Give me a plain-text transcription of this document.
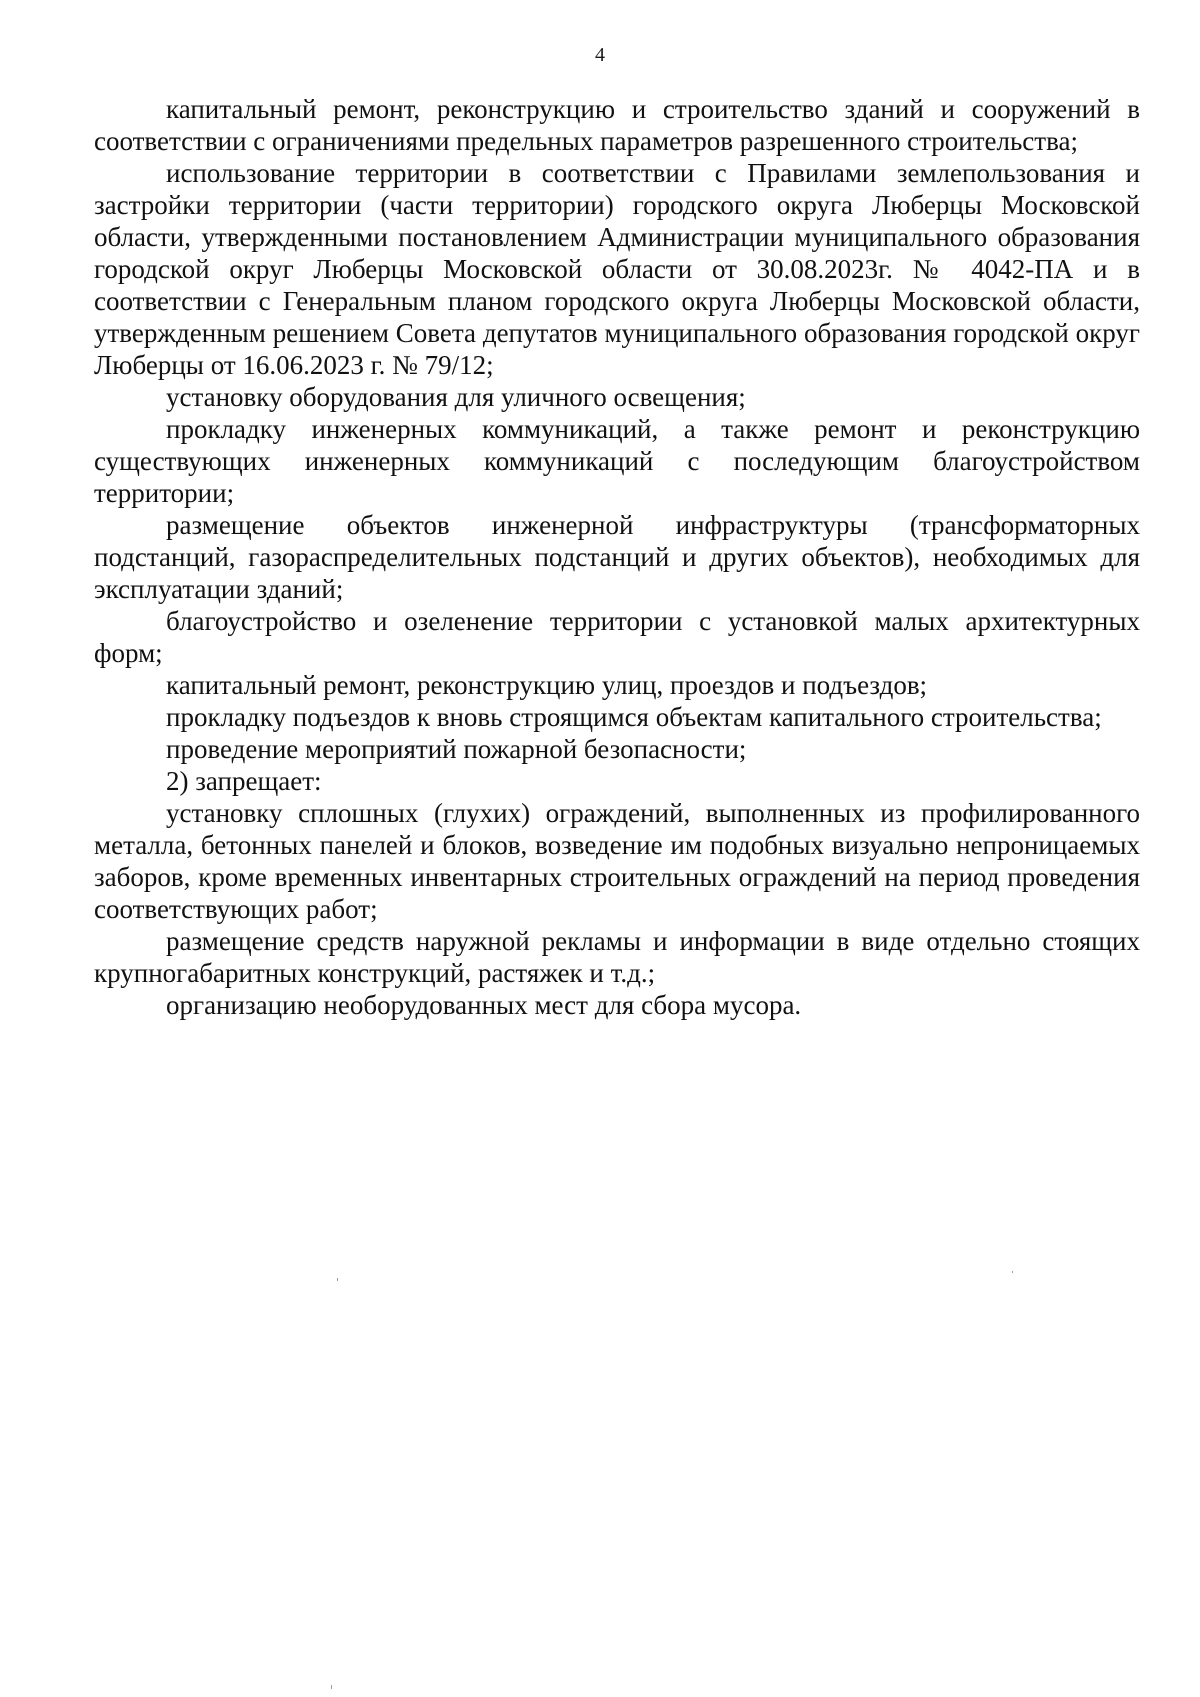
4

капитальный ремонт, реконструкцию и строительство зданий и сооружений в соответствии с ограничениями предельных параметров разрешенного строительства;

использование территории в соответствии с Правилами землепользования и застройки территории (части территории) городского округа Люберцы Московской области, утвержденными постановлением Администрации муниципального образования городской округ Люберцы Московской области от 30.08.2023г. № 4042-ПА и в соответствии с Генеральным планом городского округа Люберцы Московской области, утвержденным решением Совета депутатов муниципального образования городской округ Люберцы от 16.06.2023 г. № 79/12;

установку оборудования для уличного освещения;

прокладку инженерных коммуникаций, а также ремонт и реконструкцию существующих инженерных коммуникаций с последующим благоустройством территории;

размещение объектов инженерной инфраструктуры (трансформаторных подстанций, газораспределительных подстанций и других объектов), необходимых для эксплуатации зданий;

благоустройство и озеленение территории с установкой малых архитектурных форм;

капитальный ремонт, реконструкцию улиц, проездов и подъездов;

прокладку подъездов к вновь строящимся объектам капитального строительства;

проведение мероприятий пожарной безопасности;

2) запрещает:

установку сплошных (глухих) ограждений, выполненных из профилированного металла, бетонных панелей и блоков, возведение им подобных визуально непроницаемых заборов, кроме временных инвентарных строительных ограждений на период проведения соответствующих работ;

размещение средств наружной рекламы и информации в виде отдельно стоящих крупногабаритных конструкций, растяжек и т.д.;

организацию необорудованных мест для сбора мусора.
